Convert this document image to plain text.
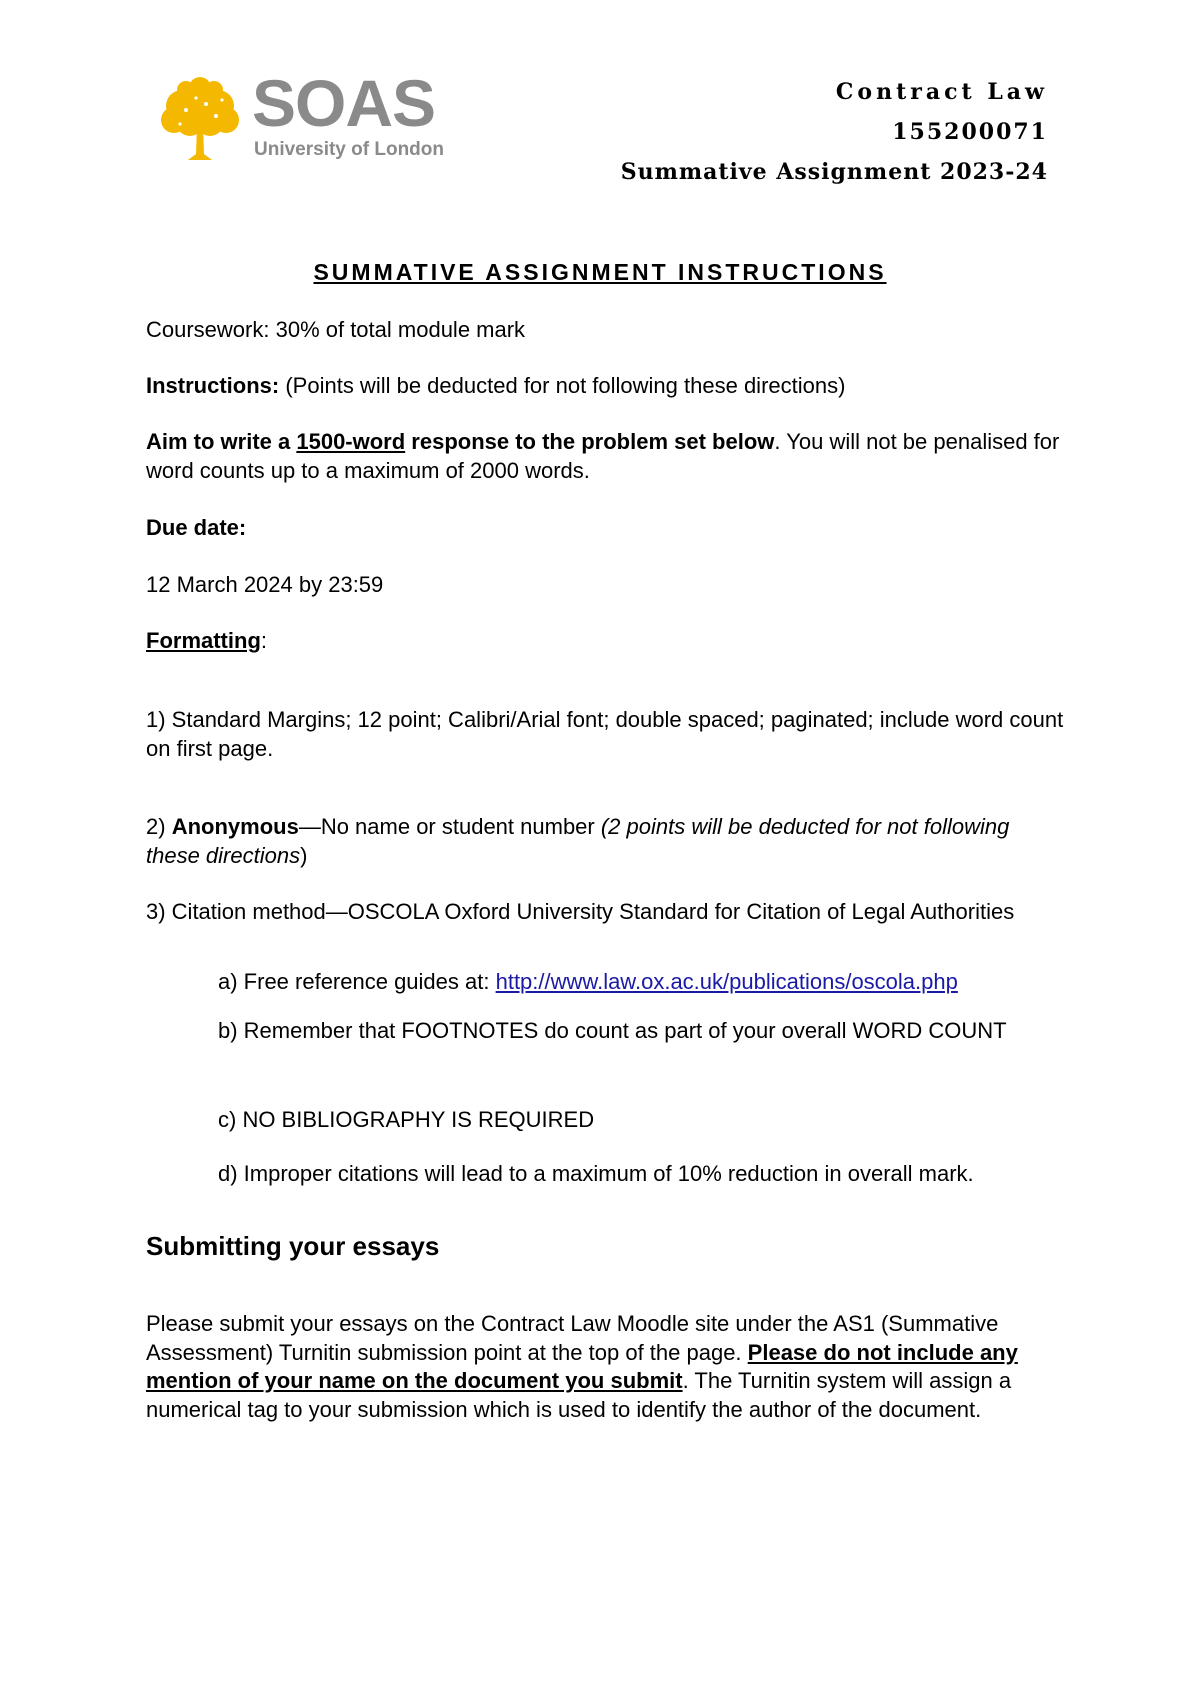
SOAS
University of London
Contract Law
155200071
Summative Assignment 2023-24
SUMMATIVE ASSIGNMENT INSTRUCTIONS
Coursework: 30% of total module mark
Instructions: (Points will be deducted for not following these directions)
Aim to write a 1500-word response to the problem set below. You will not be penalised for word counts up to a maximum of 2000 words.
Due date:
12 March 2024 by 23:59
Formatting:
1) Standard Margins; 12 point; Calibri/Arial font; double spaced; paginated; include word count on first page.
2) Anonymous—No name or student number (2 points will be deducted for not following these directions)
3) Citation method—OSCOLA Oxford University Standard for Citation of Legal Authorities
a) Free reference guides at: http://www.law.ox.ac.uk/publications/oscola.php
b) Remember that FOOTNOTES do count as part of your overall WORD COUNT
c) NO BIBLIOGRAPHY IS REQUIRED
d) Improper citations will lead to a maximum of 10% reduction in overall mark.
Submitting your essays
Please submit your essays on the Contract Law Moodle site under the AS1 (Summative Assessment) Turnitin submission point at the top of the page. Please do not include any mention of your name on the document you submit. The Turnitin system will assign a numerical tag to your submission which is used to identify the author of the document.
